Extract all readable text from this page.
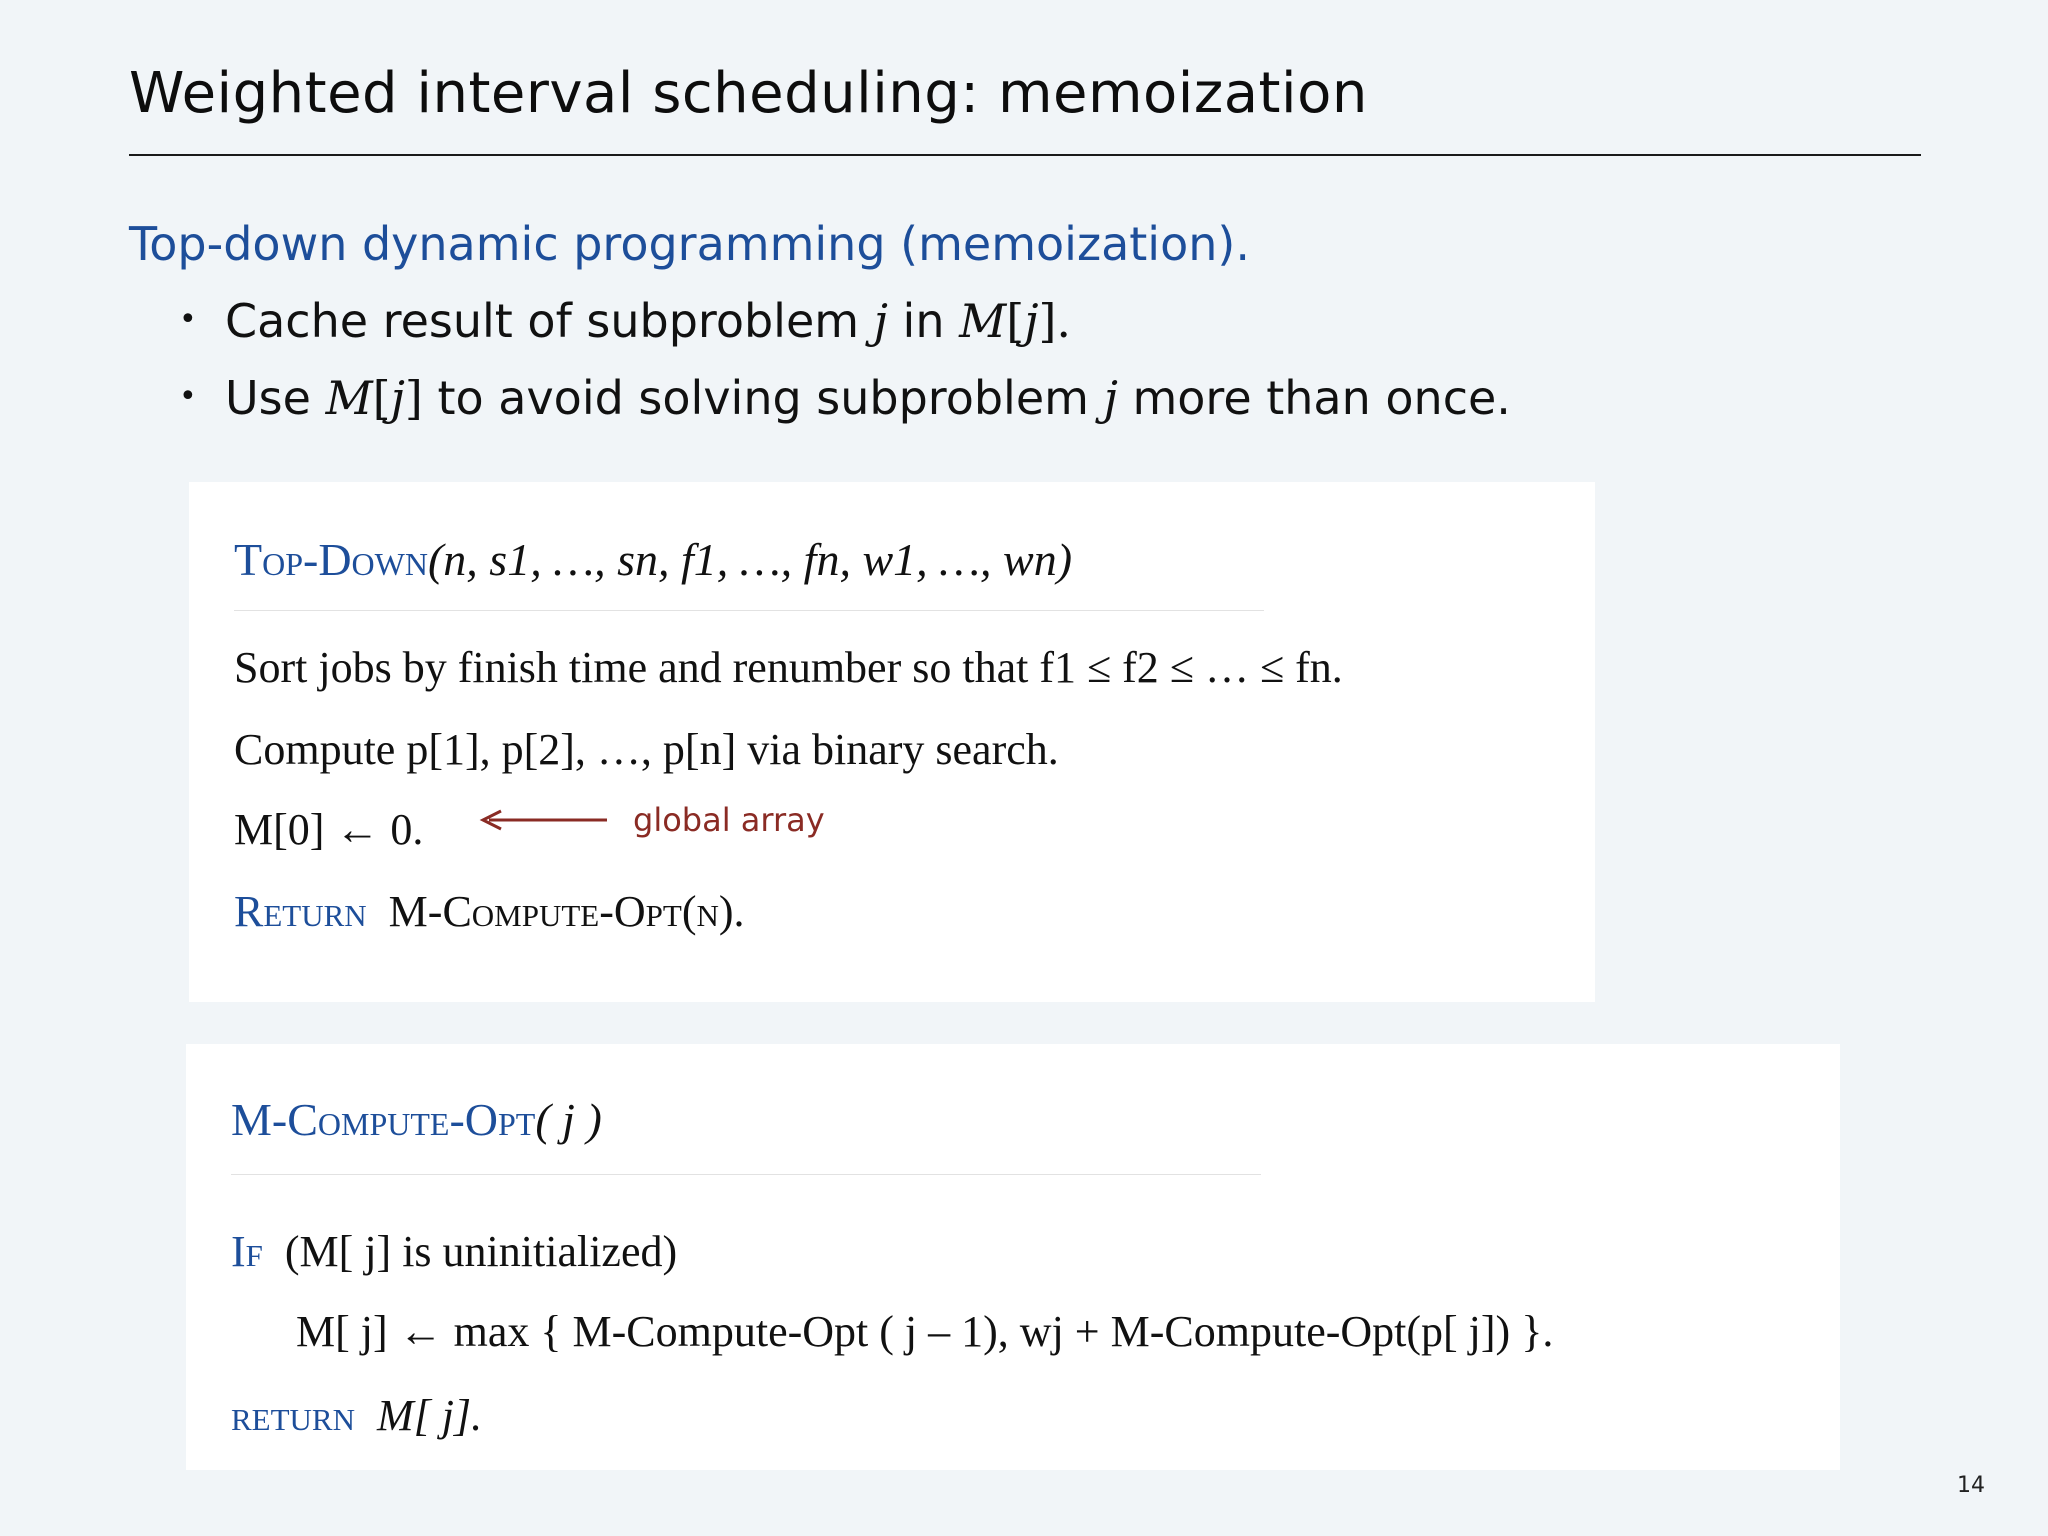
Weighted interval scheduling: memoization
Top-down dynamic programming (memoization).
• Cache result of subproblem j in M[j].
• Use M[j] to avoid solving subproblem j more than once.
Top-Down(n, s1, …, sn, f1, …, fn, w1, …, wn)
Sort jobs by finish time and renumber so that f1 ≤ f2 ≤ … ≤ fn.
Compute p[1], p[2], …, p[n] via binary search.
M[0] ← 0.	global array
Return M-Compute-Opt(n).
M-Compute-Opt( j )
If (M[ j] is uninitialized)
M[ j] ← max { M-Compute-Opt ( j – 1), wj + M-Compute-Opt(p[ j]) }.
return M[ j].
14
